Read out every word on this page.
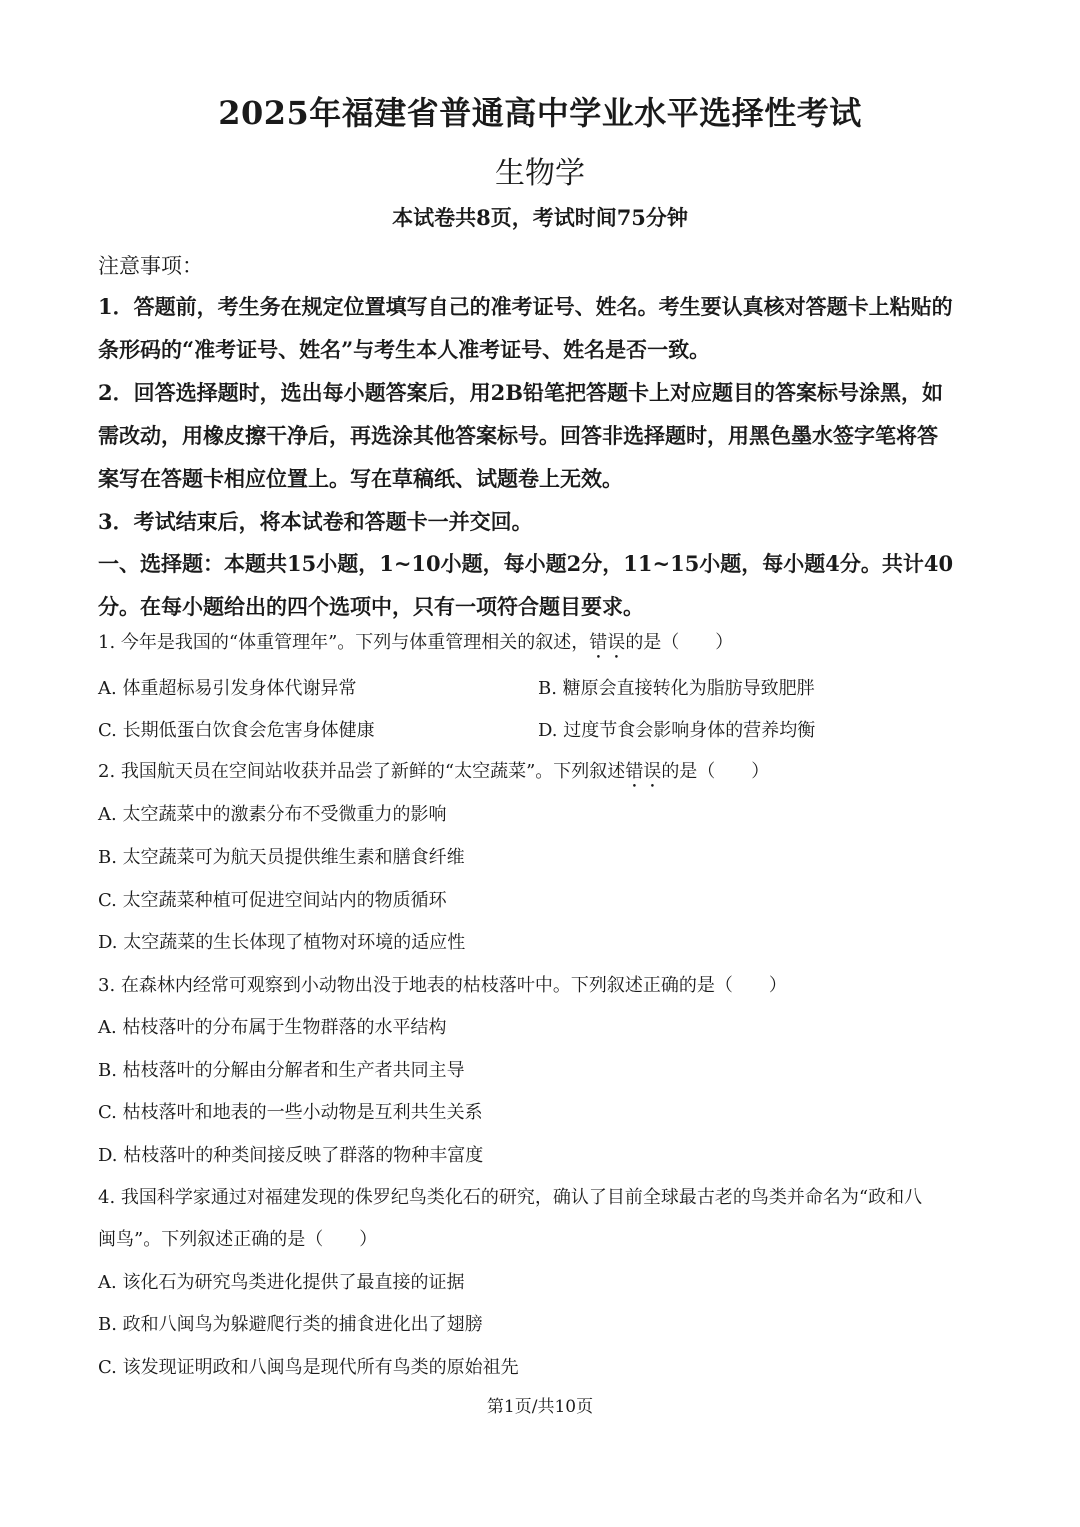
2025年福建省普通高中学业水平选择性考试
生物学
本试卷共8页，考试时间75分钟
注意事项：
1．答题前，考生务在规定位置填写自己的准考证号、姓名。考生要认真核对答题卡上粘贴的
条形码的“准考证号、姓名”与考生本人准考证号、姓名是否一致。
2．回答选择题时，选出每小题答案后，用2B铅笔把答题卡上对应题目的答案标号涂黑，如
需改动，用橡皮擦干净后，再选涂其他答案标号。回答非选择题时，用黑色墨水签字笔将答
案写在答题卡相应位置上。写在草稿纸、试题卷上无效。
3．考试结束后，将本试卷和答题卡一并交回。
一、选择题：本题共15小题，1~10小题，每小题2分，11~15小题，每小题4分。共计40
分。在每小题给出的四个选项中，只有一项符合题目要求。
1. 今年是我国的“体重管理年”。下列与体重管理相关的叙述，错误的是（　　）
A. 体重超标易引发身体代谢异常	B. 糖原会直接转化为脂肪导致肥胖
C. 长期低蛋白饮食会危害身体健康	D. 过度节食会影响身体的营养均衡
2. 我国航天员在空间站收获并品尝了新鲜的“太空蔬菜”。下列叙述错误的是（　　）
A. 太空蔬菜中的激素分布不受微重力的影响
B. 太空蔬菜可为航天员提供维生素和膳食纤维
C. 太空蔬菜种植可促进空间站内的物质循环
D. 太空蔬菜的生长体现了植物对环境的适应性
3. 在森林内经常可观察到小动物出没于地表的枯枝落叶中。下列叙述正确的是（　　）
A. 枯枝落叶的分布属于生物群落的水平结构
B. 枯枝落叶的分解由分解者和生产者共同主导
C. 枯枝落叶和地表的一些小动物是互利共生关系
D. 枯枝落叶的种类间接反映了群落的物种丰富度
4. 我国科学家通过对福建发现的侏罗纪鸟类化石的研究，确认了目前全球最古老的鸟类并命名为“政和八
闽鸟”。下列叙述正确的是（　　）
A. 该化石为研究鸟类进化提供了最直接的证据
B. 政和八闽鸟为躲避爬行类的捕食进化出了翅膀
C. 该发现证明政和八闽鸟是现代所有鸟类的原始祖先
第1页/共10页
